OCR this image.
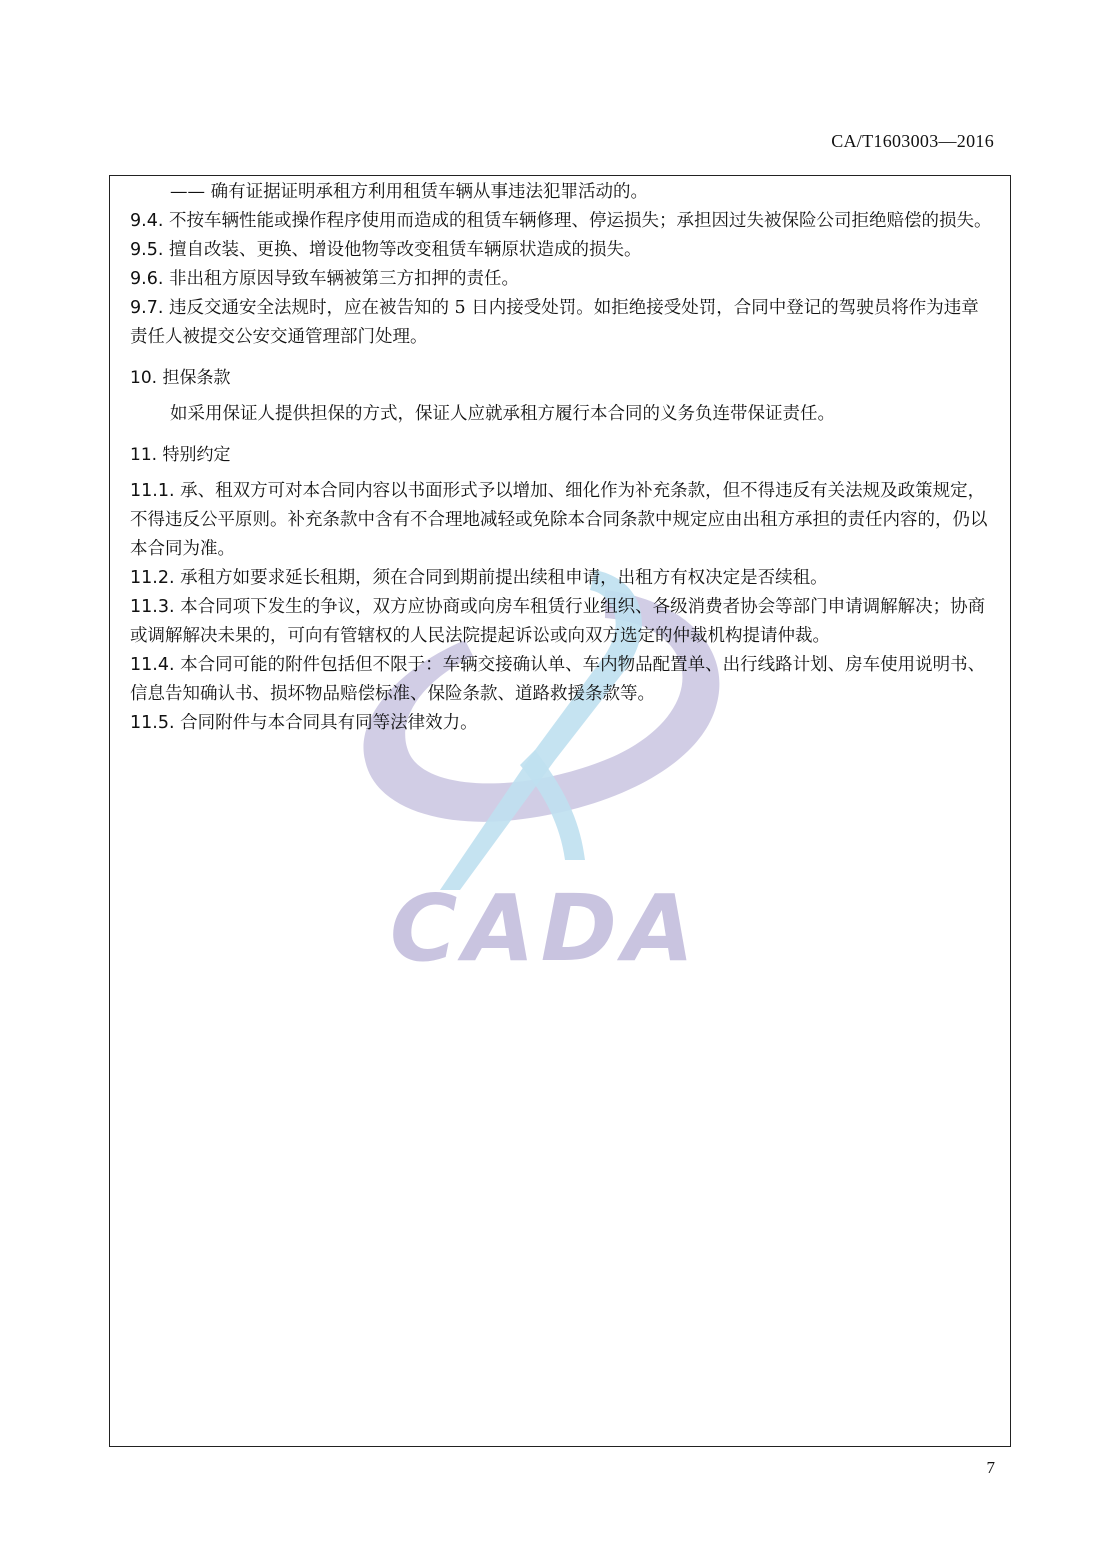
CA/T1603003—2016
CADA

—— 确有证据证明承租方利用租赁车辆从事违法犯罪活动的。

9.4. 不按车辆性能或操作程序使用而造成的租赁车辆修理、停运损失；承担因过失被保险公司拒绝赔偿的损失。

9.5. 擅自改装、更换、增设他物等改变租赁车辆原状造成的损失。

9.6. 非出租方原因导致车辆被第三方扣押的责任。

9.7. 违反交通安全法规时，应在被告知的 5 日内接受处罚。如拒绝接受处罚，合同中登记的驾驶员将作为违章责任人被提交公安交通管理部门处理。

10. 担保条款

如采用保证人提供担保的方式，保证人应就承租方履行本合同的义务负连带保证责任。

11. 特别约定

11.1. 承、租双方可对本合同内容以书面形式予以增加、细化作为补充条款，但不得违反有关法规及政策规定，不得违反公平原则。补充条款中含有不合理地减轻或免除本合同条款中规定应由出租方承担的责任内容的，仍以本合同为准。

11.2. 承租方如要求延长租期，须在合同到期前提出续租申请，出租方有权决定是否续租。

11.3. 本合同项下发生的争议，双方应协商或向房车租赁行业组织、各级消费者协会等部门申请调解解决；协商或调解解决未果的，可向有管辖权的人民法院提起诉讼或向双方选定的仲裁机构提请仲裁。

11.4. 本合同可能的附件包括但不限于：车辆交接确认单、车内物品配置单、出行线路计划、房车使用说明书、信息告知确认书、损坏物品赔偿标准、保险条款、道路救援条款等。

11.5. 合同附件与本合同具有同等法律效力。

7
